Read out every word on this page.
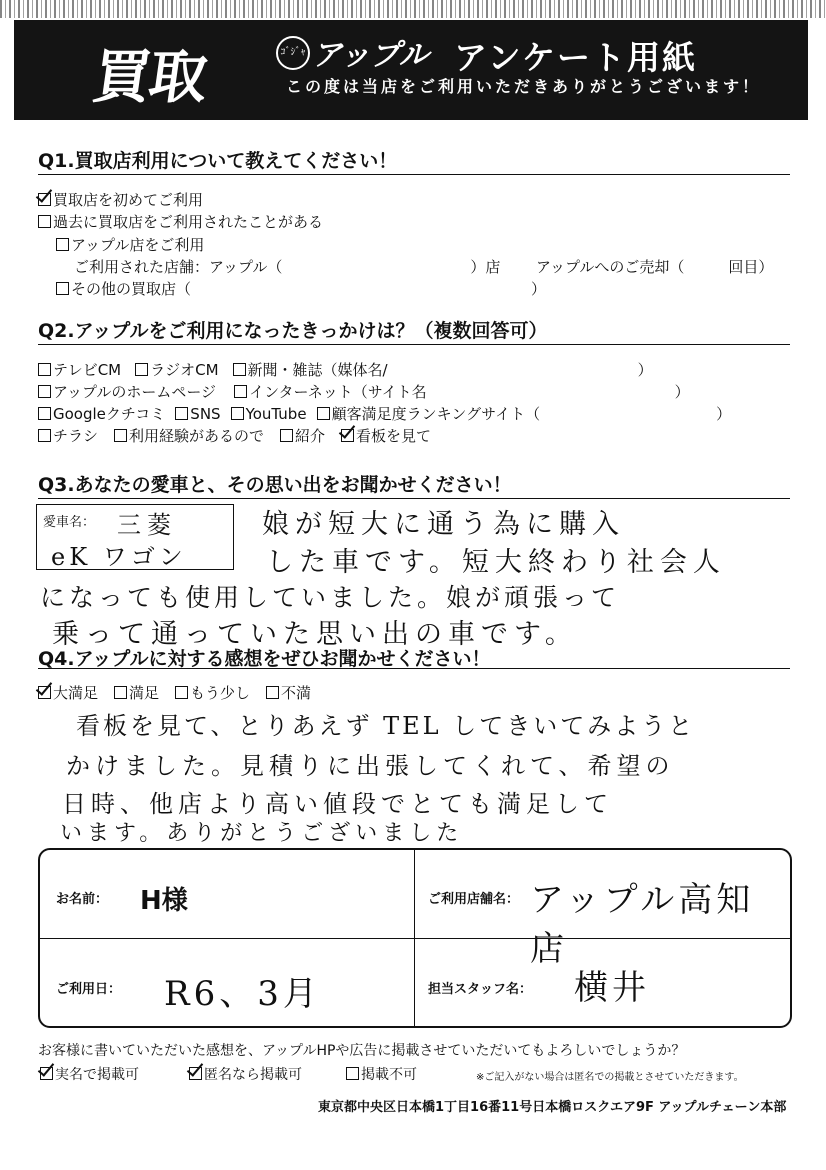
買取	ｺﾞｼﾞｬ アップル アンケート用紙
この度は当店をご利用いただきありがとうございます！
Q1.買取店利用について教えてください！
買取店を初めてご利用
過去に買取店をご利用されたことがある
アップル店をご利用
ご利用された店舗：アップル（	）店 アップルへのご売却（	回目）
その他の買取店（	）
Q2.アップルをご利用になったきっかけは？（複数回答可）
テレビCM ラジオCM 新聞・雑誌（媒体名/	）
アップルのホームページ インターネット（サイト名	）
Googleクチコミ SNS YouTube 顧客満足度ランキングサイト（	）
チラシ 利用経験があるので 紹介 看板を見て
Q3.あなたの愛車と、その思い出をお聞かせください！
愛車名： 三菱
eK ワゴン
娘が短大に通う為に購入
した車です。短大終わり社会人
になっても使用していました。娘が頑張って
乗って通っていた思い出の車です。
Q4.アップルに対する感想をぜひお聞かせください！
大満足 満足 もう少し 不満
看板を見て、とりあえず TEL してきいてみようと
かけました。見積りに出張してくれて、希望の
日時、他店より高い値段でとても満足して
います。ありがとうございました
お名前： H様	ご利用店舗名： アップル高知店
ご利用日： R6、3月	担当スタッフ名： 横井
お客様に書いていただいた感想を、アップルHPや広告に掲載させていただいてもよろしいでしょうか？
実名で掲載可	匿名なら掲載可	掲載不可	※ご記入がない場合は匿名での掲載とさせていただきます。
東京都中央区日本橋1丁目16番11号日本橋ロスクエア9F アップルチェーン本部
